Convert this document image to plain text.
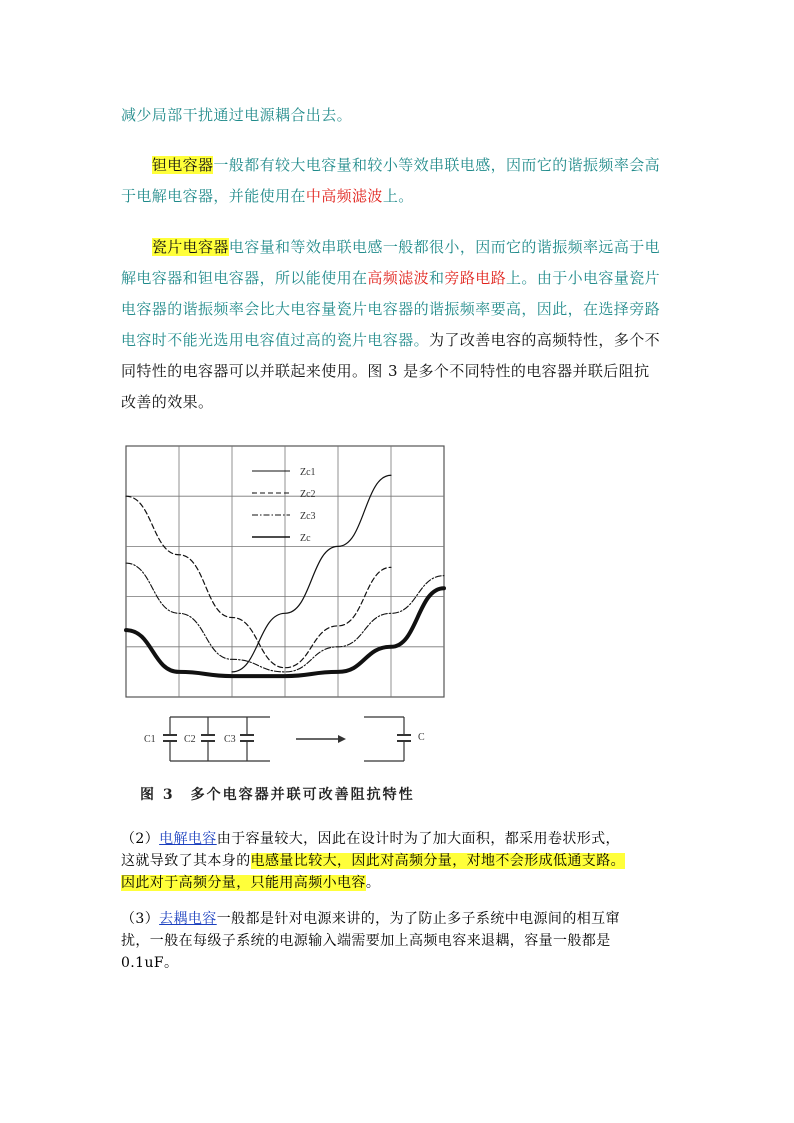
减少局部干扰通过电源耦合出去。
　　钽电容器一般都有较大电容量和较小等效串联电感，因而它的谐振频率会高
于电解电容器，并能使用在中高频滤波上。
　　瓷片电容器电容量和等效串联电感一般都很小，因而它的谐振频率远高于电
解电容器和钽电容器，所以能使用在高频滤波和旁路电路上。由于小电容量瓷片
电容器的谐振频率会比大电容量瓷片电容器的谐振频率要高，因此，在选择旁路
电容时不能光选用电容值过高的瓷片电容器。为了改善电容的高频特性，多个不
同特性的电容器可以并联起来使用。图 3 是多个不同特性的电容器并联后阻抗
改善的效果。
Zc1
Zc2
Zc3
Zc
C1	C2	C3	C
图 3　多个电容器并联可改善阻抗特性
（2）电解电容由于容量较大，因此在设计时为了加大面积，都采用卷状形式，
这就导致了其本身的电感量比较大，因此对高频分量，对地不会形成低通支路。
因此对于高频分量，只能用高频小电容。
（3）去耦电容一般都是针对电源来讲的，为了防止多子系统中电源间的相互窜
扰，一般在每级子系统的电源输入端需要加上高频电容来退耦，容量一般都是
0.1uF。
